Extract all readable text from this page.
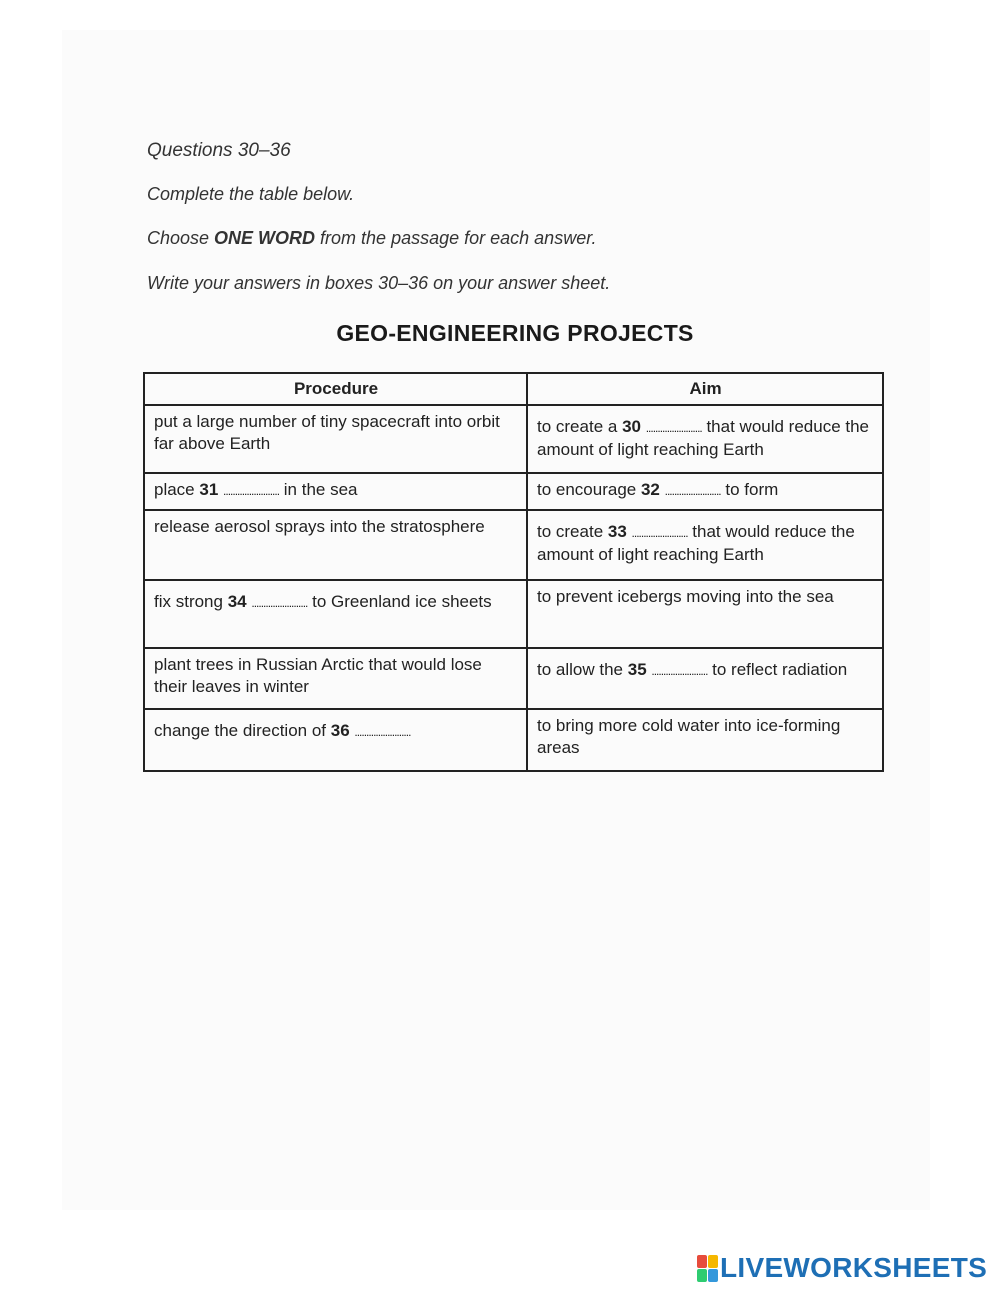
Questions 30–36
Complete the table below.
Choose ONE WORD from the passage for each answer.
Write your answers in boxes 30–36 on your answer sheet.
GEO-ENGINEERING PROJECTS
Procedure	Aim
put a large number of tiny spacecraft into orbit far above Earth	to create a 30 ........................ that would reduce the amount of light reaching Earth
place 31 ........................ in the sea	to encourage 32 ........................ to form
release aerosol sprays into the stratosphere	to create 33 ........................ that would reduce the amount of light reaching Earth
fix strong 34 ........................ to Greenland ice sheets	to prevent icebergs moving into the sea
plant trees in Russian Arctic that would lose their leaves in winter	to allow the 35 ........................ to reflect radiation
change the direction of 36 ........................	to bring more cold water into ice-forming areas
LIVEWORKSHEETS
